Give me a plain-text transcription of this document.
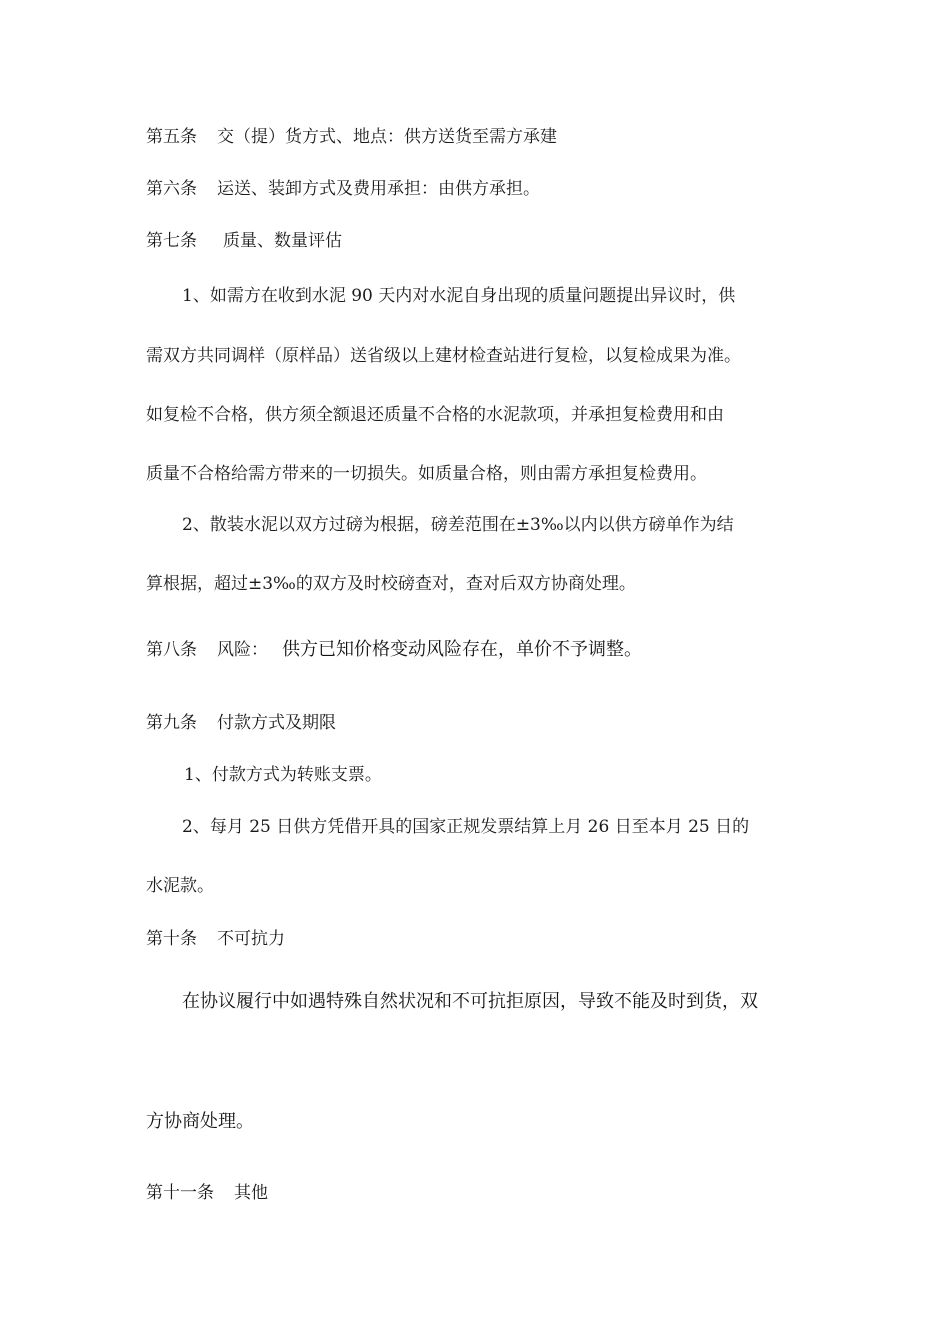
第五条 交（提）货方式、地点：供方送货至需方承建
第六条 运送、装卸方式及费用承担：由供方承担。
第七条 质量、数量评估
1、如需方在收到水泥 90 天内对水泥自身出现的质量问题提出异议时，供
需双方共同调样（原样品）送省级以上建材检查站进行复检，以复检成果为准。
如复检不合格，供方须全额退还质量不合格的水泥款项，并承担复检费用和由
质量不合格给需方带来的一切损失。如质量合格，则由需方承担复检费用。
2、散装水泥以双方过磅为根据，磅差范围在±3‰以内以供方磅单作为结
算根据，超过±3‰的双方及时校磅查对，查对后双方协商处理。
第八条 风险： 供方已知价格变动风险存在，单价不予调整。
第九条 付款方式及期限
1、付款方式为转账支票。
2、每月 25 日供方凭借开具的国家正规发票结算上月 26 日至本月 25 日的
水泥款。
第十条 不可抗力
在协议履行中如遇特殊自然状况和不可抗拒原因，导致不能及时到货，双
方协商处理。
第十一条 其他
